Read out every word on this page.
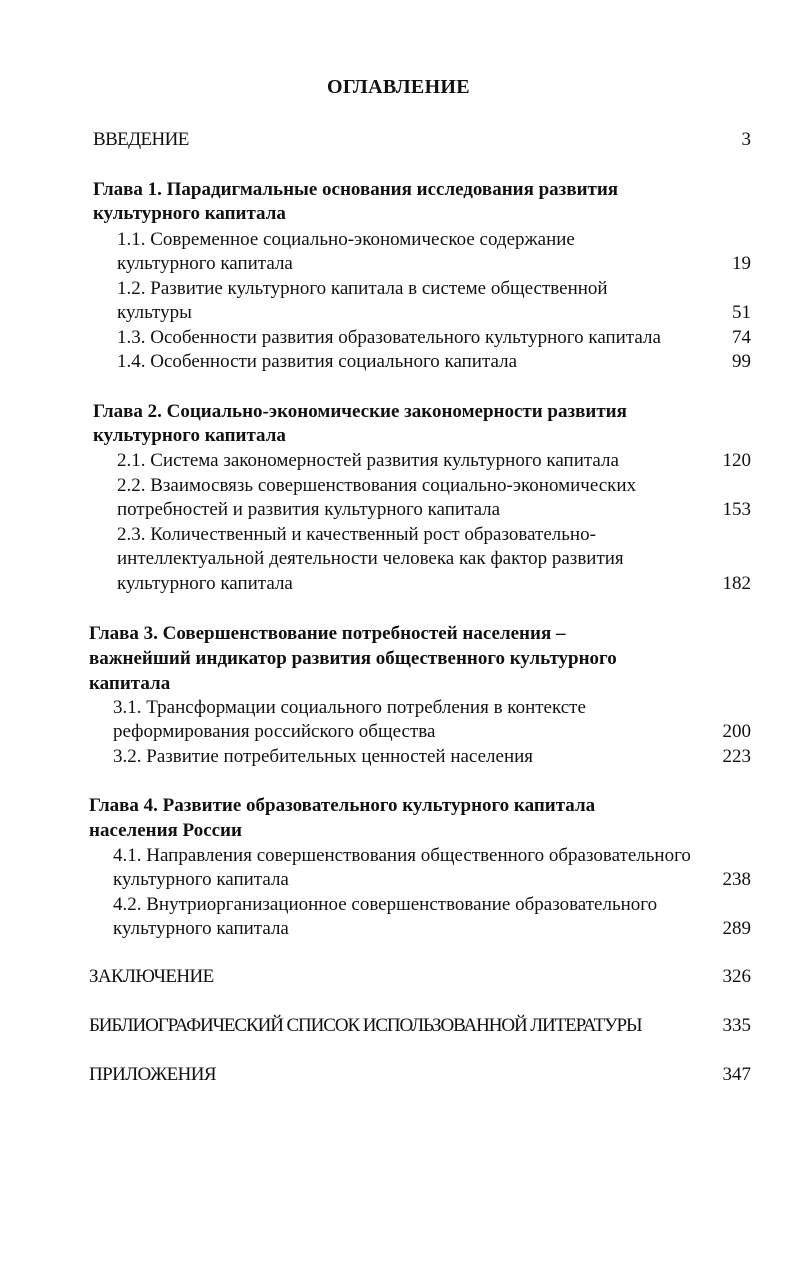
ОГЛАВЛЕНИЕ
ВВЕДЕНИЕ	3
Глава 1. Парадигмальные основания исследования развития
культурного капитала
1.1. Современное социально-экономическое содержание
культурного капитала	19
1.2. Развитие культурного капитала в системе общественной
культуры	51
1.3. Особенности развития образовательного культурного капитала	74
1.4. Особенности развития социального капитала	99
Глава 2. Социально-экономические закономерности развития
культурного капитала
2.1. Система закономерностей развития культурного капитала	120
2.2. Взаимосвязь совершенствования социально-экономических
потребностей и развития культурного капитала	153
2.3. Количественный и качественный рост образовательно-
интеллектуальной деятельности человека как фактор развития
культурного капитала	182
Глава 3. Совершенствование потребностей населения –
важнейший индикатор развития общественного культурного
капитала
3.1. Трансформации социального потребления в контексте
реформирования российского общества	200
3.2. Развитие потребительных ценностей населения	223
Глава 4. Развитие образовательного культурного капитала
населения России
4.1. Направления совершенствования общественного образовательного
культурного капитала	238
4.2. Внутриорганизационное совершенствование образовательного
культурного капитала	289
ЗАКЛЮЧЕНИЕ	326
БИБЛИОГРАФИЧЕСКИЙ СПИСОК ИСПОЛЬЗОВАННОЙ ЛИТЕРАТУРЫ	335
ПРИЛОЖЕНИЯ	347
